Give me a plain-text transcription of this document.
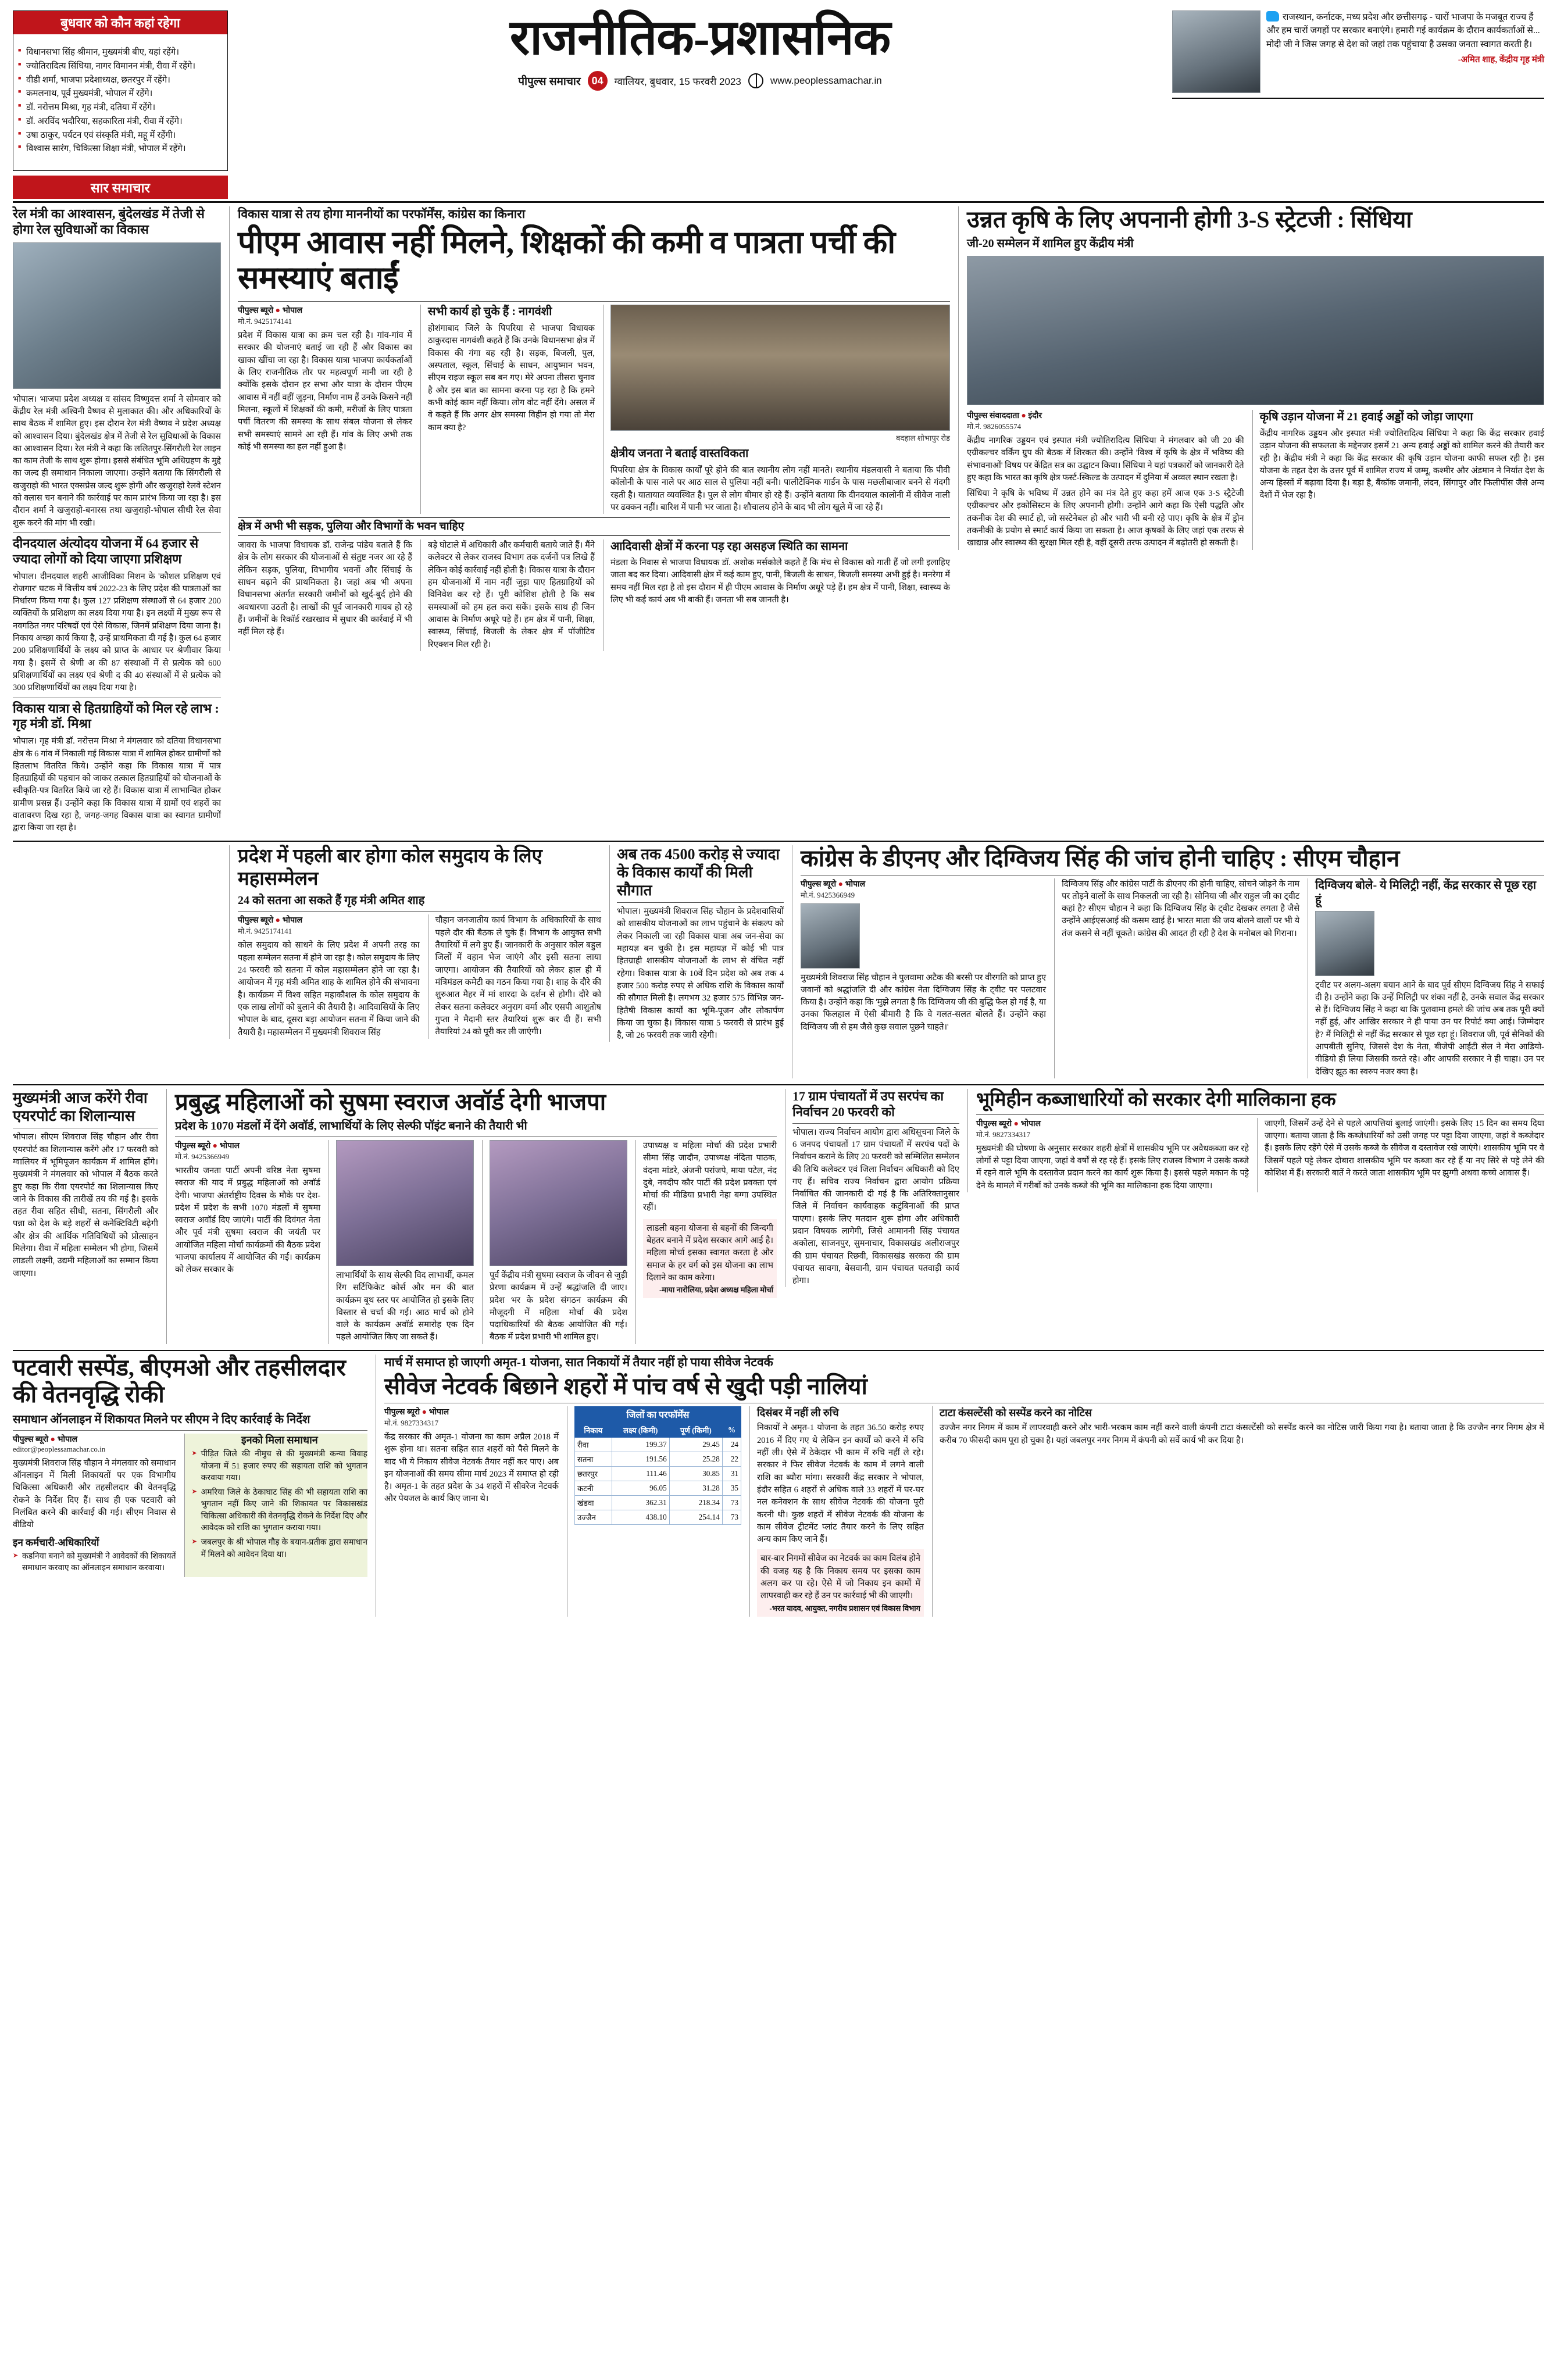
बुधवार को कौन कहां रहेगा
■ विधानसभा सिंह श्रीमान, मुख्यमंत्री बीए, यहां रहेंगे।
■ ज्योतिरादित्य सिंधिया, नागर विमानन मंत्री, रीवा में रहेंगे।
■ वीडी शर्मा, भाजपा प्रदेशाध्यक्ष, छतरपुर में रहेंगे।
■ कमलनाथ, पूर्व मुख्यमंत्री, भोपाल में रहेंगे।
■ डॉ. नरोत्तम मिश्रा, गृह मंत्री, दतिया में रहेंगे।
■ डॉ. अरविंद भदौरिया, सहकारिता मंत्री, रीवा में रहेंगे।
■ उषा ठाकुर, पर्यटन एवं संस्कृति मंत्री, महू में रहेंगी।
■ विश्वास सारंग, चिकित्सा शिक्षा मंत्री, भोपाल में रहेंगे।
सार समाचार
राजनीतिक-प्रशासनिक
पीपुल्स समाचार	04	ग्वालियर, बुधवार, 15 फरवरी 2023	www.peoplessamachar.in
राजस्थान, कर्नाटक, मध्य प्रदेश और छत्तीसगढ़ - चारों भाजपा के मजबूत राज्य हैं और हम चारों जगहों पर सरकार बनाएंगे। हमारी गई कार्यक्रम के दौरान कार्यकर्ताओं से... मोदी जी ने जिस जगह से देश को जहां तक पहुंचाया है उसका जनता स्वागत करती है।
-अमित शाह, केंद्रीय गृह मंत्री
रेल मंत्री का आश्वासन, बुंदेलखंड में तेजी से होगा रेल सुविधाओं का विकास
भोपाल। भाजपा प्रदेश अध्यक्ष व सांसद विष्णुदत्त शर्मा ने सोमवार को केंद्रीय रेल मंत्री अश्विनी वैष्णव से मुलाकात की। और अधिकारियों के साथ बैठक में शामिल हुए। इस दौरान रेल मंत्री वैष्णव ने प्रदेश अध्यक्ष को आश्वासन दिया। बुंदेलखंड क्षेत्र में तेजी से रेल सुविधाओं के विकास का आश्वासन दिया। रेल मंत्री ने कहा कि ललितपुर-सिंगरौली रेल लाइन का काम तेजी के साथ शुरू होगा। इससे संबंधित भूमि अधिग्रहण के मुद्दे का जल्द ही समाधान निकाला जाएगा। उन्होंने बताया कि सिंगरौली से खजुराहो की भारत एक्सप्रेस जल्द शुरू होगी और खजुराहो रेलवे स्टेशन को क्लास चन बनाने की कार्रवाई पर काम प्रारंभ किया जा रहा है। इस दौरान शर्मा ने खजुराहो-बनारस तथा खजुराहो-भोपाल सीधी रेल सेवा शुरू करने की मांग भी रखी।
दीनदयाल अंत्योदय योजना में 64 हजार से ज्यादा लोगों को दिया जाएगा प्रशिक्षण
भोपाल। दीनदयाल शहरी आजीविका मिशन के 'कौशल प्रशिक्षण एवं रोजगार' घटक में वित्तीय वर्ष 2022-23 के लिए प्रदेश की पात्रताओं का निर्धारण किया गया है। कुल 127 प्रशिक्षण संस्थाओं से 64 हजार 200 व्यक्तियों के प्रशिक्षण का लक्ष्य दिया गया है। इन लक्ष्यों में मुख्य रूप से नवगठित नगर परिषदों एवं ऐसे विकास, जिनमें प्रशिक्षण दिया जाना है। निकाय अच्छा कार्य किया है, उन्हें प्राथमिकता दी गई है। कुल 64 हजार 200 प्रशिक्षणार्थियों के लक्ष्य को प्राप्त के आधार पर श्रेणीवार किया गया है। इसमें से श्रेणी अ की 87 संस्थाओं में से प्रत्येक को 600 प्रशिक्षणार्थियों का लक्ष्य एवं श्रेणी द की 40 संस्थाओं में से प्रत्येक को 300 प्रशिक्षणार्थियों का लक्ष्य दिया गया है।
विकास यात्रा से हितग्राहियों को मिल रहे लाभ : गृह मंत्री डॉ. मिश्रा
भोपाल। गृह मंत्री डॉ. नरोत्तम मिश्रा ने मंगलवार को दतिया विधानसभा क्षेत्र के 6 गांव में निकाली गई विकास यात्रा में शामिल होकर ग्रामीणों को हितलाभ वितरित किये। उन्होंने कहा कि विकास यात्रा में पात्र हितग्राहियों की पहचान को जाकर तत्काल हितग्राहियों को योजनाओं के स्वीकृति-पत्र वितरित किये जा रहे हैं। विकास यात्रा में लाभान्वित होकर ग्रामीण प्रसन्न हैं। उन्होंने कहा कि विकास यात्रा में ग्रामों एवं शहरों का वातावरण दिख रहा है, जगह-जगह विकास यात्रा का स्वागत ग्रामीणों द्वारा किया जा रहा है।
विकास यात्रा से तय होगा माननीयों का परफॉर्मेंस, कांग्रेस का किनारा
पीएम आवास नहीं मिलने, शिक्षकों की कमी व पात्रता पर्ची की समस्याएं बताईं
पीपुल्स ब्यूरो ● भोपाल
मो.नं. 9425174141
प्रदेश में विकास यात्रा का क्रम चल रही है। गांव-गांव में सरकार की योजनाएं बताई जा रही हैं और विकास का खाका खींचा जा रहा है। विकास यात्रा भाजपा कार्यकर्ताओं के लिए राजनीतिक तौर पर महत्वपूर्ण मानी जा रही है क्योंकि इसके दौरान हर सभा और यात्रा के दौरान पीएम आवास में नहीं वहीं जुड़ना, निर्माण नाम हैं उनके किसने नहीं मिलना, स्कूलों में शिक्षकों की कमी, मरीजों के लिए पात्रता पर्ची वितरण की समस्या के साथ संबल योजना से लेकर सभी समस्याएं सामने आ रही हैं। गांव के लिए अभी तक कोई भी समस्या का हल नहीं हुआ है।
सभी कार्य हो चुके हैं : नागवंशी
होशंगाबाद जिले के पिपरिया से भाजपा विधायक ठाकुरदास नागवंशी कहते हैं कि उनके विधानसभा क्षेत्र में विकास की गंगा बह रही है। सड़क, बिजली, पुल, अस्पताल, स्कूल, सिंचाई के साधन, आयुष्मान भवन, सीएम राइज स्कूल सब बन गए। मेरे अपना तीसरा चुनाव है और इस बात का सामना करना पड़ रहा है कि हमने कभी कोई काम नहीं किया। लोग वोट नहीं देंगे। असल में वे कहते हैं कि अगर क्षेत्र समस्या विहीन हो गया तो मेरा काम क्या है?
बदहाल शोभापुर रोड
क्षेत्रीय जनता ने बताई वास्तविकता
पिपरिया क्षेत्र के विकास कार्यों पूरे होने की बात स्थानीय लोग नहीं मानते। स्थानीय मंडलवासी ने बताया कि पीवी कॉलोनी के पास नाले पर आठ साल से पुलिया नहीं बनी। पालीटेक्निक गार्डन के पास मछलीबाजार बनने से गंदगी रहती है। यातायात व्यवस्थित है। पुल से लोग बीमार हो रहे हैं। उन्होंने बताया कि दीनदयाल कालोनी में सीवेज नाली पर ढक्कन नहीं। बारिश में पानी भर जाता है। शौचालय होने के बाद भी लोग खुले में जा रहे हैं।
क्षेत्र में अभी भी सड़क, पुलिया और विभागों के भवन चाहिए
जावरा के भाजपा विधायक डॉ. राजेन्द्र पांडेय बताते हैं कि क्षेत्र के लोग सरकार की योजनाओं से संतुष्ट नजर आ रहे हैं लेकिन सड़क, पुलिया, विभागीय भवनों और सिंचाई के साधन बढ़ाने की प्राथमिकता है। जहां अब भी अपना विधानसभा अंतर्गत सरकारी जमीनों को खुर्द-बुर्द होने की अवधारणा उठती है। लाखों की पूर्व जानकारी गायब हो रहे हैं। जमीनों के रिकॉर्ड रखरखाव में सुधार की कार्रवाई में भी नहीं मिल रहे हैं।
बड़े घोटाले में अधिकारी और कर्मचारी बताये जाते हैं। मैंने कलेक्टर से लेकर राजस्व विभाग तक दर्जनों पत्र लिखे हैं लेकिन कोई कार्रवाई नहीं होती है। विकास यात्रा के दौरान हम योजनाओं में नाम नहीं जुड़ा पाए हितग्राहियों को विनिवेश कर रहे हैं। पूरी कोशिश होती है कि सब समस्याओं को हम हल करा सकें। इसके साथ ही जिन आवास के निर्माण अधूरे पड़े हैं। हम क्षेत्र में पानी, शिक्षा, स्वास्थ्य, सिंचाई, बिजली के लेकर क्षेत्र में पॉजीटिव रिएक्शन मिल रही है।
आदिवासी क्षेत्रों में करना पड़ रहा असहज स्थिति का सामना
मंडला के निवास से भाजपा विधायक डॉ. अशोक मर्सकोले कहते हैं कि मंच से विकास को गाती हैं जो लगी इलाहिए जाता बद कर दिया। आदिवासी क्षेत्र में कई काम हुए, पानी, बिजली के साधन, बिजली समस्या अभी हुई है। मनरेगा में समय नहीं मिल रहा है तो इस दौरान में ही पीएम आवास के निर्माण अधूरे पड़े हैं। हम क्षेत्र में पानी, शिक्षा, स्वास्थ्य के लिए भी कई कार्य अब भी बाकी हैं। जनता भी सब जानती है।
उन्नत कृषि के लिए अपनानी होगी 3-S स्ट्रेटजी : सिंधिया
जी-20 सम्मेलन में शामिल हुए केंद्रीय मंत्री
पीपुल्स संवाददाता ● इंदौर
मो.नं. 9826055574
केंद्रीय नागरिक उड्डयन एवं इस्पात मंत्री ज्योतिरादित्य सिंधिया ने मंगलवार को जी 20 की एग्रीकल्चर वर्किंग ग्रुप की बैठक में शिरकत की। उन्होंने 'विश्व में कृषि के क्षेत्र में भविष्य की संभावनाओं' विषय पर केंद्रित सत्र का उद्घाटन किया। सिंधिया ने यहां पत्रकारों को जानकारी देते हुए कहा कि भारत का कृषि क्षेत्र फर्स्ट-स्किल्ड के उत्पादन में दुनिया में अव्वल स्थान रखता है।
सिंधिया ने कृषि के भविष्य में उन्नत होने का मंत्र देते हुए कहा हमें आज एक 3-S स्ट्रैटेजी एग्रीकल्चर और इकोसिस्टम के लिए अपनानी होगी। उन्होंने आगे कहा कि ऐसी पद्धति और तकनीक देश की स्मार्ट हो, जो सस्टेनेबल हो और भारी भी बनी रहे पाए। कृषि के क्षेत्र में ड्रोन तकनीकी के प्रयोग से स्मार्ट कार्य किया जा सकता है। आज कृषकों के लिए जहां एक तरफ से खाद्यान्न और स्वास्थ्य की सुरक्षा मिल रही है, वहीं दूसरी तरफ उत्पादन में बढ़ोतरी हो सकती है।
कृषि उड़ान योजना में 21 हवाई अड्डों को जोड़ा जाएगा
केंद्रीय नागरिक उड्डयन और इस्पात मंत्री ज्योतिरादित्य सिंधिया ने कहा कि केंद्र सरकार हवाई उड़ान योजना की सफलता के मद्देनजर इसमें 21 अन्य हवाई अड्डों को शामिल करने की तैयारी कर रही है। केंद्रीय मंत्री ने कहा कि केंद्र सरकार की कृषि उड़ान योजना काफी सफल रही है। इस योजना के तहत देश के उत्तर पूर्व में शामिल राज्य में जम्मू, कश्मीर और अंडमान ने निर्यात देश के अन्य हिस्सों में बढ़ावा दिया है। बड़ा है, बैंकॉक जमानी, लंदन, सिंगापुर और फिलीपींस जैसे अन्य देशों में भेज रहा है।
प्रदेश में पहली बार होगा कोल समुदाय के लिए महासम्मेलन
24 को सतना आ सकते हैं गृह मंत्री अमित शाह
पीपुल्स ब्यूरो ● भोपाल
मो.नं. 9425174141
कोल समुदाय को साधने के लिए प्रदेश में अपनी तरह का पहला सम्मेलन सतना में होने जा रहा है। कोल समुदाय के लिए 24 फरवरी को सतना में कोल महासम्मेलन होने जा रहा है। आयोजन में गृह मंत्री अमित शाह के शामिल होने की संभावना है। कार्यक्रम में विश्व सहित महाकौशल के कोल समुदाय के एक लाख लोगों को बुलाने की तैयारी है। आदिवासियों के लिए भोपाल के बाद, दूसरा बड़ा आयोजन सतना में किया जाने की तैयारी है। महासम्मेलन में मुख्यमंत्री शिवराज सिंह
चौहान जनजातीय कार्य विभाग के अधिकारियों के साथ पहले दौर की बैठक ले चुके हैं। विभाग के आयुक्त सभी तैयारियों में लगे हुए हैं। जानकारी के अनुसार कोल बहुल जिलों में वहान भेज जाएंगे और इसी सतना लाया जाएगा। आयोजन की तैयारियों को लेकर हाल ही में मंत्रिमंडल कमेटी का गठन किया गया है। शाह के दौरे की शुरुआत मैहर में मां शारदा के दर्शन से होगी। दौरे को लेकर सतना कलेक्टर अनुराग वर्मा और एसपी आशुतोष गुप्ता ने मैदानी स्तर तैयारियां शुरू कर दी हैं। सभी तैयारियां 24 को पूरी कर ली जाएंगी।
अब तक 4500 करोड़ से ज्यादा के विकास कार्यों की मिली सौगात
भोपाल। मुख्यमंत्री शिवराज सिंह चौहान के प्रदेशवासियों को शासकीय योजनाओं का लाभ पहुंचाने के संकल्प को लेकर निकाली जा रही विकास यात्रा अब जन-सेवा का महायज्ञ बन चुकी है। इस महायज्ञ में कोई भी पात्र हितग्राही शासकीय योजनाओं के लाभ से वंचित नहीं रहेगा। विकास यात्रा के 10वें दिन प्रदेश को अब तक 4 हजार 500 करोड़ रुपए से अधिक राशि के विकास कार्यों की सौगात मिली है। लगभग 32 हजार 575 विभिन्न जन-हितैषी विकास कार्यों का भूमि-पूजन और लोकार्पण किया जा चुका है। विकास यात्रा 5 फरवरी से प्रारंभ हुई है, जो 26 फरवरी तक जारी रहेगी।
कांग्रेस के डीएनए और दिग्विजय सिंह की जांच होनी चाहिए : सीएम चौहान
पीपुल्स ब्यूरो ● भोपाल
मो.नं. 9425366949
मुख्यमंत्री शिवराज सिंह चौहान ने पुलवामा अटैक की बरसी पर वीरगति को प्राप्त हुए जवानों को श्रद्धांजलि दी और कांग्रेस नेता दिग्विजय सिंह के ट्वीट पर पलटवार किया है। उन्होंने कहा कि 'मुझे लगता है कि दिग्विजय जी की बुद्धि फेल हो गई है, या उनका फिलहाल में ऐसी बीमारी है कि वे गलत-सलत बोलते हैं। उन्होंने कहा दिग्विजय जी से हम जैसे कुछ सवाल पूछने चाहते।'
दिग्विजय सिंह और कांग्रेस पार्टी के डीएनए की होनी चाहिए, सोचने जोड़ने के नाम पर तोड़ने वालों के साथ निकलती जा रही है। सोनिया जी और राहुल जी का ट्वीट कहां है? सीएम चौहान ने कहा कि दिग्विजय सिंह के ट्वीट देखकर लगता है जैसे उन्होंने आईएसआई की कसम खाई है। भारत माता की जय बोलने वालों पर भी ये तंज कसने से नहीं चूकते। कांग्रेस की आदत ही रही है देश के मनोबल को गिराना।
दिग्विजय बोले- ये मिलिट्री नहीं, केंद्र सरकार से पूछ रहा हूं
ट्वीट पर अलग-अलग बयान आने के बाद पूर्व सीएम दिग्विजय सिंह ने सफाई दी है। उन्होंने कहा कि उन्हें मिलिट्री पर शंका नहीं है, उनके सवाल केंद्र सरकार से हैं। दिग्विजय सिंह ने कहा था कि पुलवामा हमले की जांच अब तक पूरी क्यों नहीं हुई, और आखिर सरकार ने ही पाया उन पर रिपोर्ट क्या आई। जिम्मेदार है? मैं मिलिट्री से नहीं केंद्र सरकार से पूछ रहा हूं। शिवराज जी, पूर्व सैनिकों की आपबीती सुनिए, जिससे देश के नेता, बीजेपी आईटी सेल ने मेरा आडियो-वीडियो ही लिया जिसकी करते रहे। और आपकी सरकार ने ही चाहा। उन पर देखिए झूठ का स्वरुप नजर क्या है।
मुख्यमंत्री आज करेंगे रीवा एयरपोर्ट का शिलान्यास
भोपाल। सीएम शिवराज सिंह चौहान और रीवा एयरपोर्ट का शिलान्यास करेंगे और 17 फरवरी को ग्वालियर में भूमिपूजन कार्यक्रम में शामिल होंगे। मुख्यमंत्री ने मंगलवार को भोपाल में बैठक करते हुए कहा कि रीवा एयरपोर्ट का शिलान्यास किए जाने के विकास की तारीखें तय की गई है। इसके तहत रीवा सहित सीधी, सतना, सिंगरौली और पन्ना को देश के बड़े शहरों से कनेक्टिविटी बढ़ेगी और क्षेत्र की आर्थिक गतिविधियों को प्रोत्साहन मिलेगा। रीवा में महिला सम्मेलन भी होगा, जिसमें लाडली लक्ष्मी, उद्यमी महिलाओं का सम्मान किया जाएगा।
प्रबुद्ध महिलाओं को सुषमा स्वराज अवॉर्ड देगी भाजपा
प्रदेश के 1070 मंडलों में देंगे अवॉर्ड, लाभार्थियों के लिए सेल्फी पॉइंट बनाने की तैयारी भी
पीपुल्स ब्यूरो ● भोपाल
मो.नं. 9425366949
भारतीय जनता पार्टी अपनी वरिष्ठ नेता सुषमा स्वराज की याद में प्रबुद्ध महिलाओं को अवॉर्ड देगी। भाजपा अंतर्राष्ट्रीय दिवस के मौके पर देश-प्रदेश में प्रदेश के सभी 1070 मंडलों में सुषमा स्वराज अवॉर्ड दिए जाएंगे। पार्टी की दिवंगत नेता और पूर्व मंत्री सुषमा स्वराज की जयंती पर आयोजित महिला मोर्चा कार्यक्रमों की बैठक प्रदेश भाजपा कार्यालय में आयोजित की गई। कार्यक्रम को लेकर सरकार के
लाभार्थियों के साथ सेल्फी विद लाभार्थी, कमल रिंग सर्टिफिकेट कोर्स और मन की बात कार्यक्रम बूथ स्तर पर आयोजित हो इसके लिए विस्तार से चर्चा की गई। आठ मार्च को होने वाले के कार्यक्रम अवॉर्ड समारोह एक दिन पहले आयोजित किए जा सकते हैं।
पूर्व केंद्रीय मंत्री सुषमा स्वराज के जीवन से जुड़ी प्रेरणा कार्यक्रम में उन्हें श्रद्धांजलि दी जाए। प्रदेश भर के प्रदेश संगठन कार्यक्रम की मौजूदगी में महिला मोर्चा की प्रदेश पदाधिकारियों की बैठक आयोजित की गई। बैठक में प्रदेश प्रभारी भी शामिल हुए।
उपाध्यक्ष व महिला मोर्चा की प्रदेश प्रभारी सीमा सिंह जादौन, उपाध्यक्ष नंदिता पाठक, वंदना मांडरे, अंजनी परांजपे, माया पटेल, नंद दुबे, नवदीप कौर पार्टी की प्रदेश प्रवक्ता एवं मोर्चा की मीडिया प्रभारी नेहा बग्गा उपस्थित रहीं।
लाडली बहना योजना से बहनों की जिन्दगी बेहतर बनाने में प्रदेश सरकार आगे आई है। महिला मोर्चा इसका स्वागत करता है और समाज के हर वर्ग को इस योजना का लाभ दिलाने का काम करेगा।
-माया नारोलिया, प्रदेश अध्यक्ष महिला मोर्चा
17 ग्राम पंचायतों में उप सरपंच का निर्वाचन 20 फरवरी को
भोपाल। राज्य निर्वाचन आयोग द्वारा अधिसूचना जिले के 6 जनपद पंचायतों 17 ग्राम पंचायतों में सरपंच पदों के निर्वाचन कराने के लिए 20 फरवरी को सम्मिलित सम्मेलन की तिथि कलेक्टर एवं जिला निर्वाचन अधिकारी को दिए गए हैं। सचिव राज्य निर्वाचन द्वारा आयोग प्रक्रिया निर्वाचित की जानकारी दी गई है कि अतिरिक्तानुसार जिले में निर्वाचन कार्यवाहक कटुंबिनाओं की प्राप्त पाएगा। इसके लिए मतदान शुरू होगा और अधिकारी प्रदान विषयक लागेगी, जिसे आमाननी सिंह पंचायत अकोला, साजनपुर, सुमनाचार, विकासखंड अलीराजपुर की ग्राम पंचायत रिछवी, विकासखंड सरकरा की ग्राम पंचायत सावगा, बेसवानी, ग्राम पंचायत पतवाड़ी कार्य होगा।
भूमिहीन कब्जाधारियों को सरकार देगी मालिकाना हक
पीपुल्स ब्यूरो ● भोपाल
मो.नं. 9827334317
मुख्यमंत्री की घोषणा के अनुसार सरकार शहरी क्षेत्रों में शासकीय भूमि पर अवैधकब्जा कर रहे लोगों से पट्टा दिया जाएगा, जहां वे वर्षों से रह रहे हैं। इसके लिए राजस्व विभाग ने उसके कब्जे में रहने वाले भूमि के दस्तावेज प्रदान करने का कार्य शुरू किया है। इससे पहले मकान के पट्टे देने के मामले में गरीबों को उनके कब्जे की भूमि का मालिकाना हक दिया जाएगा।
जाएगी, जिसमें उन्हें देने से पहले आपत्तियां बुलाई जाएंगी। इसके लिए 15 दिन का समय दिया जाएगा। बताया जाता है कि कब्जेधारियों को उसी जगह पर पट्टा दिया जाएगा, जहां वे कब्जेदार हैं। इसके लिए रहेंगे ऐसे में उसके कब्जे के सीवेज व दस्तावेज रखे जाएंगे। शासकीय भूमि पर वे जिसमें पहले पट्टे लेकर दोबारा शासकीय भूमि पर कब्जा कर रहे हैं या नए सिरे से पट्टे लेने की कोशिश में हैं। सरकारी बातें ने करते जाता शासकीय भूमि पर झुग्गी अथवा कच्चे आवास हैं।
पटवारी सस्पेंड, बीएमओ और तहसीलदार की वेतनवृद्धि रोकी
समाधान ऑनलाइन में शिकायत मिलने पर सीएम ने दिए कार्रवाई के निर्देश
पीपुल्स ब्यूरो ● भोपाल
editor@peoplessamachar.co.in
मुख्यमंत्री शिवराज सिंह चौहान ने मंगलवार को समाधान ऑनलाइन में मिली शिकायतों पर एक विभागीय चिकित्सा अधिकारी और तहसीलदार की वेतनवृद्धि रोकने के निर्देश दिए हैं। साथ ही एक पटवारी को निलंबित करने की कार्रवाई की गई। सीएम निवास से वीडियो
इन कर्मचारी-अधिकारियों
➤ कडनिया बनाने को मुख्यमंत्री ने आवेदकों की शिकायतें समाधान करवाए का ऑनलाइन समाधान करवाया।
इनको मिला समाधान
➤ पीड़ित जिले की नीमुच से की मुख्यमंत्री कन्या विवाह योजना में 51 हजार रुपए की सहायता राशि को भुगतान करवाया गया।
➤ अमरिया जिले के ठेकाघाट सिंह की भी सहायता राशि का भुगतान नहीं किए जाने की शिकायत पर विकासखंड चिकित्सा अधिकारी की वेतनवृद्धि रोकने के निर्देश दिए और आवेदक को राशि का भुगतान कराया गया।
➤ जबलपुर के श्री भोपाल गौड़ के बयान-प्रतीक द्वारा समाधान में मिलने को आवेदन दिया था।
मार्च में समाप्त हो जाएगी अमृत-1 योजना, सात निकायों में तैयार नहीं हो पाया सीवेज नेटवर्क
सीवेज नेटवर्क बिछाने शहरों में पांच वर्ष से खुदी पड़ी नालियां
पीपुल्स ब्यूरो ● भोपाल
मो.नं. 9827334317
केंद्र सरकार की अमृत-1 योजना का काम अप्रैल 2018 में शुरू होना था। सतना सहित सात शहरों को पैसे मिलने के बाद भी ये निकाय सीवेज नेटवर्क तैयार नहीं कर पाए। अब इन योजनाओं की समय सीमा मार्च 2023 में समाप्त हो रही है। अमृत-1 के तहत प्रदेश के 34 शहरों में सीवरेज नेटवर्क और पेयजल के कार्य किए जाना थे।
जिलों का परफॉर्मेंस
निकाय	लक्ष्य (किमी)	पूर्ण (किमी)	%
रीवा	199.37	29.45	24
सतना	191.56	25.28	22
छतरपुर	111.46	30.85	31
कटनी	96.05	31.28	35
खंडवा	362.31	218.34	73
उज्जैन	438.10	254.14	73
दिसंबर में नहीं ली रुचि
निकायों ने अमृत-1 योजना के तहत 36.50 करोड़ रुपए 2016 में दिए गए थे लेकिन इन कार्यों को करने में रुचि नहीं ली। ऐसे में ठेकेदार भी काम में रुचि नहीं ले रहे। सरकार ने फिर सीवेज नेटवर्क के काम में लगने वाली राशि का ब्यौरा मांगा। सरकारी केंद्र सरकार ने भोपाल, इंदौर सहित 6 शहरों से अधिक वाले 33 शहरों में घर-घर नल कनेक्शन के साथ सीवेज नेटवर्क की योजना पूरी करनी थी। कुछ शहरों में सीवेज नेटवर्क की योजना के काम सीवेज ट्रीटमेंट प्लांट तैयार करने के लिए सहित अन्य काम किए जाने हैं।
बार-बार निगमों सीवेज का नेटवर्क का काम विलंब होने की वजह यह है कि निकाय समय पर इसका काम अलग कर पा रहे। ऐसे में जो निकाय इन कामों में लापरवाही कर रहे हैं उन पर कार्रवाई भी की जाएगी।
-भरत यादव, आयुक्त, नगरीय प्रशासन एवं विकास विभाग
टाटा कंसल्टेंसी को सस्पेंड करने का नोटिस
उज्जैन नगर निगम में काम में लापरवाही करने और भारी-भरकम काम नहीं करने वाली कंपनी टाटा कंसल्टेंसी को सस्पेंड करने का नोटिस जारी किया गया है। बताया जाता है कि उज्जैन नगर निगम क्षेत्र में करीब 70 फीसदी काम पूरा हो चुका है। यहां जबलपुर नगर निगम में कंपनी को सर्वे कार्य भी कर दिया है।
